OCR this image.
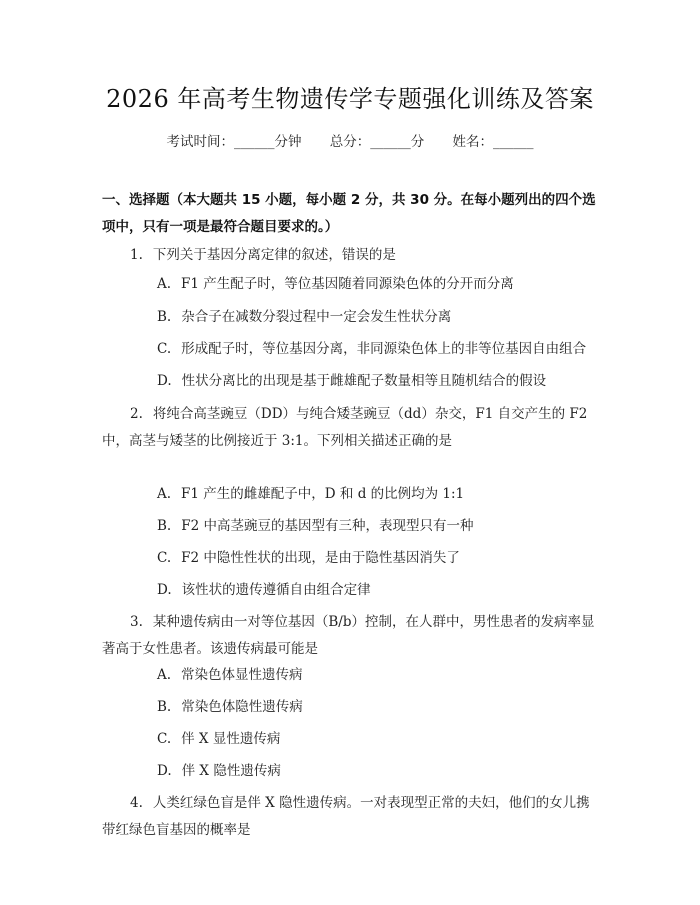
2026 年高考生物遗传学专题强化训练及答案
考试时间：______分钟 总分：______分 姓名：______
一、选择题（本大题共 15 小题，每小题 2 分，共 30 分。在每小题列出的四个选项中，只有一项是最符合题目要求的。）
1. 下列关于基因分离定律的叙述，错误的是
A. F1 产生配子时，等位基因随着同源染色体的分开而分离
B. 杂合子在减数分裂过程中一定会发生性状分离
C. 形成配子时，等位基因分离，非同源染色体上的非等位基因自由组合
D. 性状分离比的出现是基于雌雄配子数量相等且随机结合的假设
2. 将纯合高茎豌豆（DD）与纯合矮茎豌豆（dd）杂交，F1 自交产生的 F2 中，高茎与矮茎的比例接近于 3:1。下列相关描述正确的是
A. F1 产生的雌雄配子中，D 和 d 的比例均为 1:1
B. F2 中高茎豌豆的基因型有三种，表现型只有一种
C. F2 中隐性性状的出现，是由于隐性基因消失了
D. 该性状的遗传遵循自由组合定律
3. 某种遗传病由一对等位基因（B/b）控制，在人群中，男性患者的发病率显著高于女性患者。该遗传病最可能是
A. 常染色体显性遗传病
B. 常染色体隐性遗传病
C. 伴 X 显性遗传病
D. 伴 X 隐性遗传病
4. 人类红绿色盲是伴 X 隐性遗传病。一对表现型正常的夫妇，他们的女儿携带红绿色盲基因的概率是
